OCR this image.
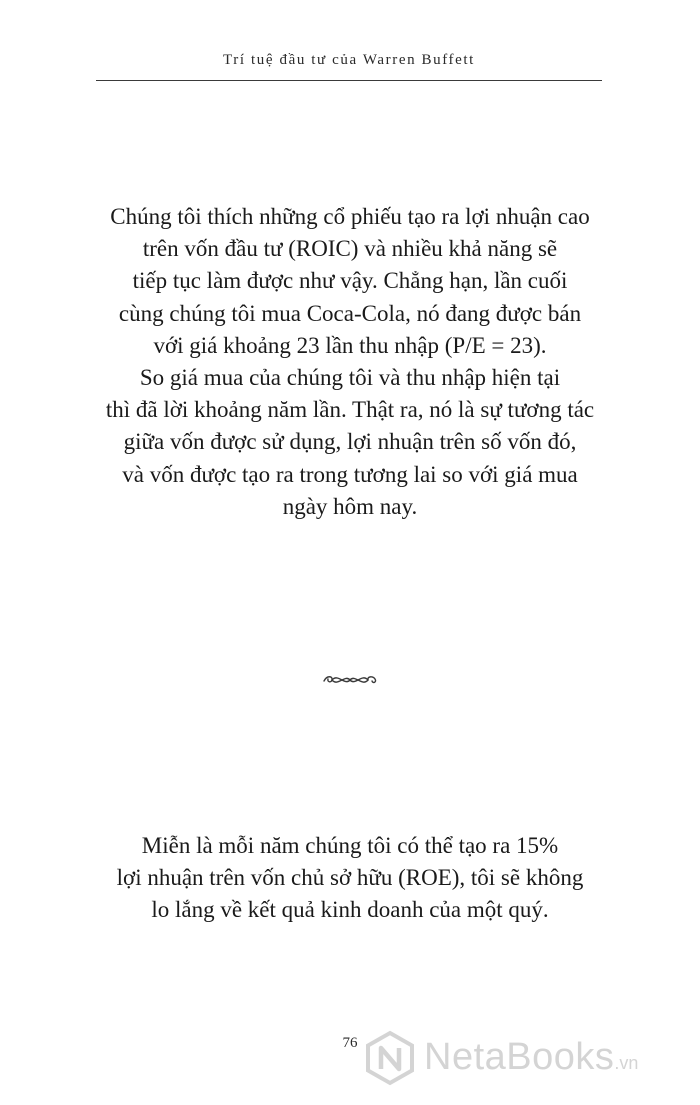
Trí tuệ đầu tư của Warren Buffett
Chúng tôi thích những cổ phiếu tạo ra lợi nhuận cao
trên vốn đầu tư (ROIC) và nhiều khả năng sẽ
tiếp tục làm được như vậy. Chẳng hạn, lần cuối
cùng chúng tôi mua Coca-Cola, nó đang được bán
với giá khoảng 23 lần thu nhập (P/E = 23).
So giá mua của chúng tôi và thu nhập hiện tại
thì đã lời khoảng năm lần. Thật ra, nó là sự tương tác
giữa vốn được sử dụng, lợi nhuận trên số vốn đó,
và vốn được tạo ra trong tương lai so với giá mua
ngày hôm nay.
Miễn là mỗi năm chúng tôi có thể tạo ra 15%
lợi nhuận trên vốn chủ sở hữu (ROE), tôi sẽ không
lo lắng về kết quả kinh doanh của một quý.
76	NetaBooks.vn
